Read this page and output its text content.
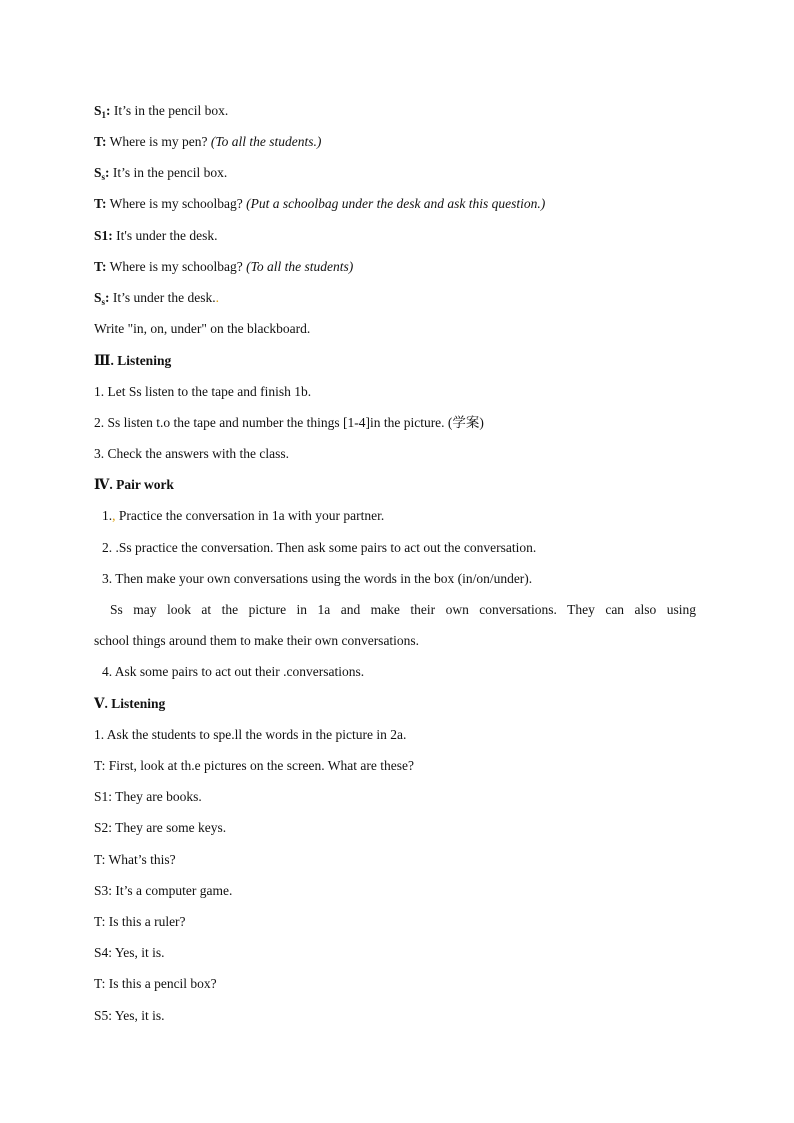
$S_1$: It’s in the pencil box.
T: Where is my pen? (To all the students.)
$S_s$: It’s in the pencil box.
T: Where is my schoolbag? (Put a schoolbag under the desk and ask this question.)
S1: It's under the desk.
T: Where is my schoolbag? (To all the students)
$S_s$: It’s under the desk..
Write "in, on, under" on the blackboard.
Ⅲ. Listening
1. Let Ss listen to the tape and finish 1b.
2. Ss listen t.o the tape and number the things [1-4]in the picture. (学案)
3. Check the answers with the class.
Ⅳ. Pair work
1., Practice the conversation in 1a with your partner.
2. .Ss practice the conversation. Then ask some pairs to act out the conversation.
3. Then make your own conversations using the words in the box (in/on/under).
Ss may look at the picture in 1a and make their own conversations. They can also using
school things around them to make their own conversations.
4. Ask some pairs to act out their .conversations.
Ⅴ. Listening
1. Ask the students to spe.ll the words in the picture in 2a.
T: First, look at th.e pictures on the screen. What are these?
S1: They are books.
S2: They are some keys.
T: What’s this?
S3: It’s a computer game.
T: Is this a ruler?
S4: Yes, it is.
T: Is this a pencil box?
S5: Yes, it is.
